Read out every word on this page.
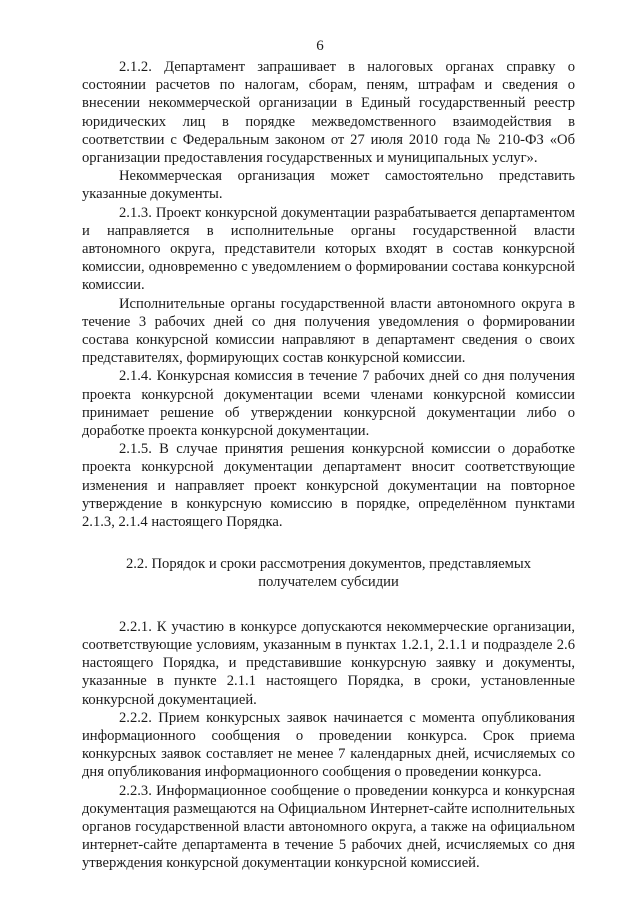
6

2.1.2. Департамент запрашивает в налоговых органах справку о состоянии расчетов по налогам, сборам, пеням, штрафам и сведения о внесении некоммерческой организации в Единый государственный реестр юридических лиц в порядке межведомственного взаимодействия в соответствии с Федеральным законом от 27 июля 2010 года № 210-ФЗ «Об организации предоставления государственных и муниципальных услуг».

Некоммерческая организация может самостоятельно представить указанные документы.

2.1.3. Проект конкурсной документации разрабатывается департаментом и направляется в исполнительные органы государственной власти автономного округа, представители которых входят в состав конкурсной комиссии, одновременно с уведомлением о формировании состава конкурсной комиссии.

Исполнительные органы государственной власти автономного округа в течение 3 рабочих дней со дня получения уведомления о формировании состава конкурсной комиссии направляют в департамент сведения о своих представителях, формирующих состав конкурсной комиссии.

2.1.4. Конкурсная комиссия в течение 7 рабочих дней со дня получения проекта конкурсной документации всеми членами конкурсной комиссии принимает решение об утверждении конкурсной документации либо о доработке проекта конкурсной документации.

2.1.5. В случае принятия решения конкурсной комиссии о доработке проекта конкурсной документации департамент вносит соответствующие изменения и направляет проект конкурсной документации на повторное утверждение в конкурсную комиссию в порядке, определённом пунктами 2.1.3, 2.1.4 настоящего Порядка.

2.2. Порядок и сроки рассмотрения документов, представляемых получателем субсидии

2.2.1. К участию в конкурсе допускаются некоммерческие организации, соответствующие условиям, указанным в пунктах 1.2.1, 2.1.1 и подразделе 2.6 настоящего Порядка, и представившие конкурсную заявку и документы, указанные в пункте 2.1.1 настоящего Порядка, в сроки, установленные конкурсной документацией.

2.2.2. Прием конкурсных заявок начинается с момента опубликования информационного сообщения о проведении конкурса. Срок приема конкурсных заявок составляет не менее 7 календарных дней, исчисляемых со дня опубликования информационного сообщения о проведении конкурса.

2.2.3. Информационное сообщение о проведении конкурса и конкурсная документация размещаются на Официальном Интернет-сайте исполнительных органов государственной власти автономного округа, а также на официальном интернет-сайте департамента в течение 5 рабочих дней, исчисляемых со дня утверждения конкурсной документации конкурсной комиссией.
